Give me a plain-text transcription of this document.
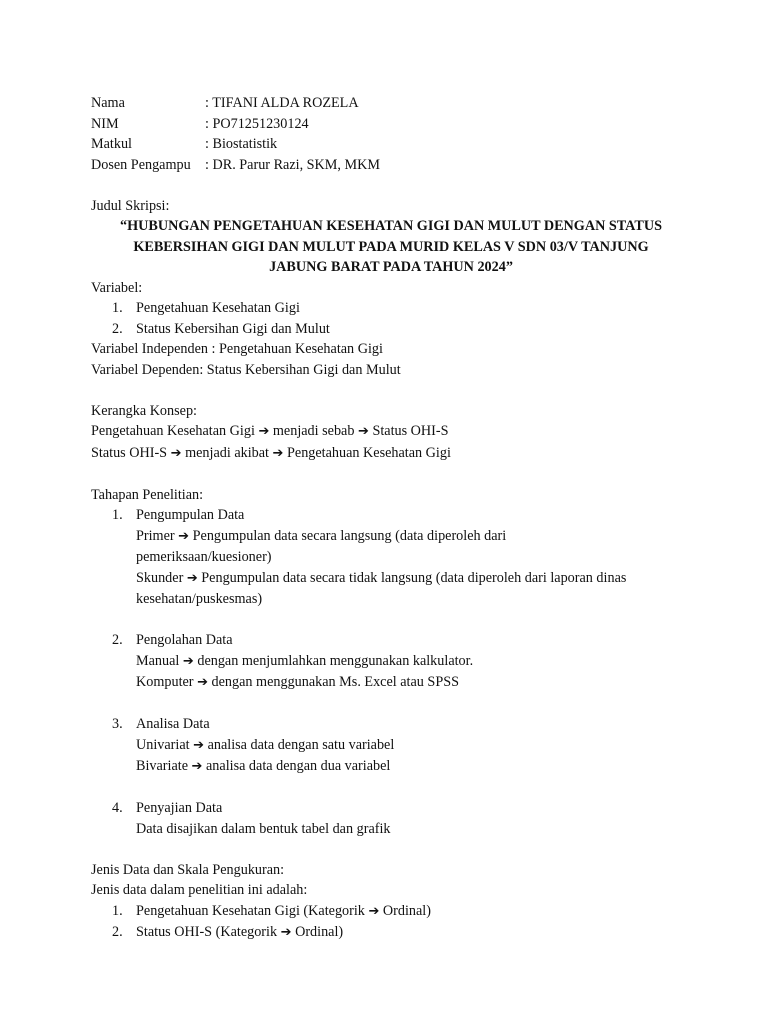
Nama	: TIFANI ALDA ROZELA
NIM	: PO71251230124
Matkul	: Biostatistik
Dosen Pengampu	: DR. Parur Razi, SKM, MKM
Judul Skripsi:
“HUBUNGAN PENGETAHUAN KESEHATAN GIGI DAN MULUT DENGAN STATUS
KEBERSIHAN GIGI DAN MULUT PADA MURID KELAS V SDN 03/V TANJUNG
JABUNG BARAT PADA TAHUN 2024”
Variabel:
1. Pengetahuan Kesehatan Gigi
2. Status Kebersihan Gigi dan Mulut
Variabel Independen : Pengetahuan Kesehatan Gigi
Variabel Dependen: Status Kebersihan Gigi dan Mulut
Kerangka Konsep:
Pengetahuan Kesehatan Gigi ➔ menjadi sebab ➔ Status OHI-S
Status OHI-S ➔ menjadi akibat ➔ Pengetahuan Kesehatan Gigi
Tahapan Penelitian:
1. Pengumpulan Data
Primer ➔ Pengumpulan data secara langsung (data diperoleh dari
pemeriksaan/kuesioner)
Skunder ➔ Pengumpulan data secara tidak langsung (data diperoleh dari laporan dinas
kesehatan/puskesmas)
2. Pengolahan Data
Manual ➔ dengan menjumlahkan menggunakan kalkulator.
Komputer ➔ dengan menggunakan Ms. Excel atau SPSS
3. Analisa Data
Univariat ➔ analisa data dengan satu variabel
Bivariate ➔ analisa data dengan dua variabel
4. Penyajian Data
Data disajikan dalam bentuk tabel dan grafik
Jenis Data dan Skala Pengukuran:
Jenis data dalam penelitian ini adalah:
1. Pengetahuan Kesehatan Gigi (Kategorik ➔ Ordinal)
2. Status OHI-S (Kategorik ➔ Ordinal)
